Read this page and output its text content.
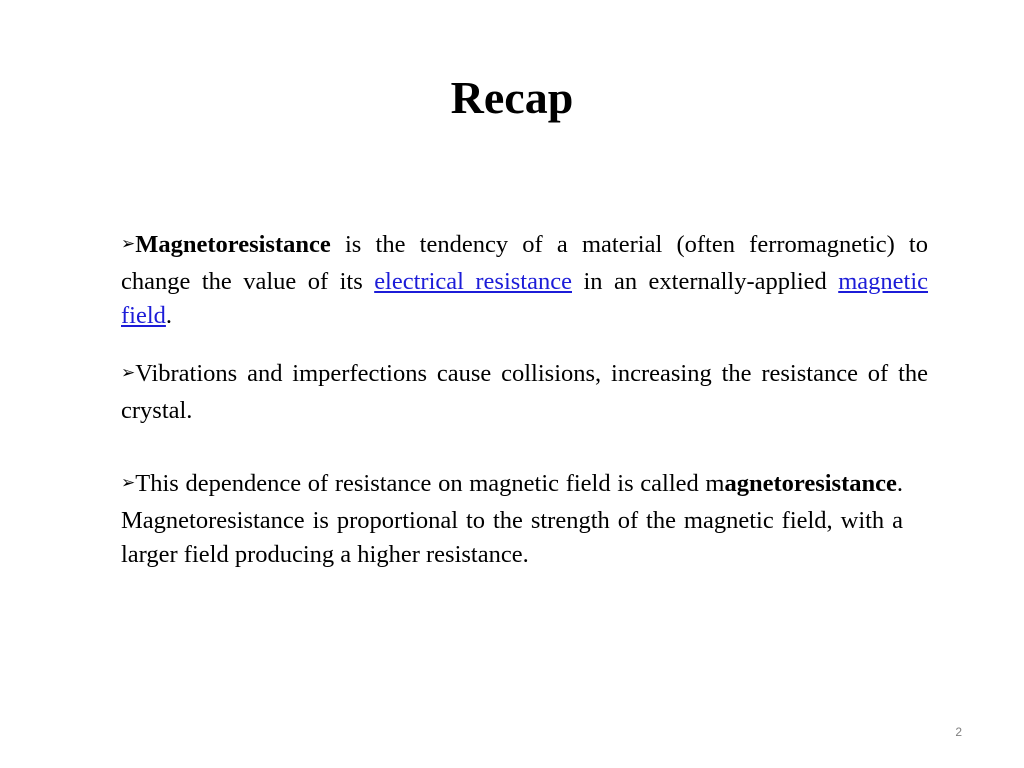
Recap
➢Magnetoresistance is the tendency of a material (often ferromagnetic) to change the value of its electrical resistance in an externally-applied magnetic field.
➢Vibrations and imperfections cause collisions, increasing the resistance of the crystal.
➢This dependence of resistance on magnetic field is called magnetoresistance. Magnetoresistance is proportional to the strength of the magnetic field, with a larger field producing a higher resistance.
2
